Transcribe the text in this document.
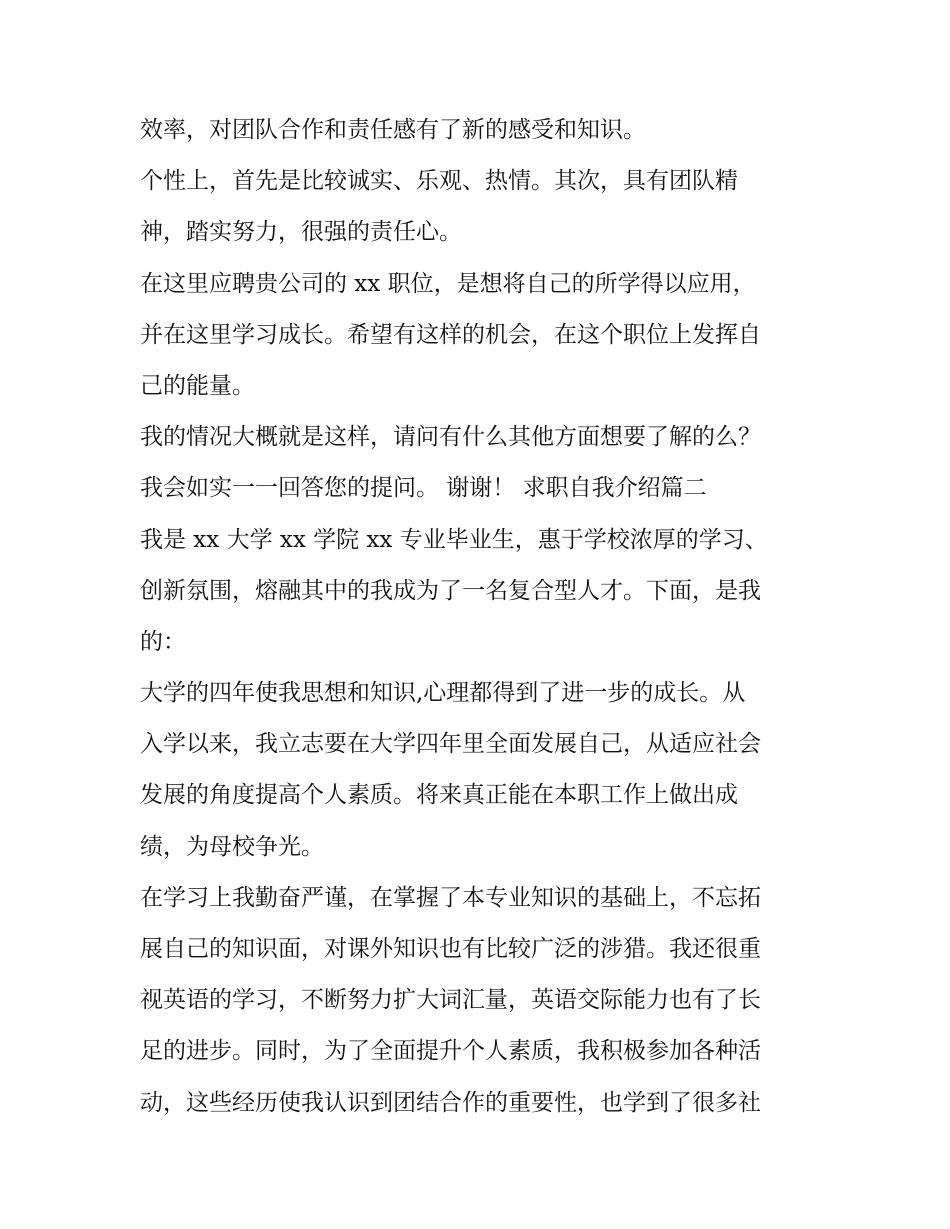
效率，对团队合作和责任感有了新的感受和知识。

个性上，首先是比较诚实、乐观、热情。其次，具有团队精

神，踏实努力，很强的责任心。

在这里应聘贵公司的 xx 职位，是想将自己的所学得以应用，

并在这里学习成长。希望有这样的机会，在这个职位上发挥自

己的能量。

我的情况大概就是这样，请问有什么其他方面想要了解的么？

我会如实一一回答您的提问。 谢谢！ 求职自我介绍篇二

我是 xx 大学 xx 学院 xx 专业毕业生，惠于学校浓厚的学习、

创新氛围，熔融其中的我成为了一名复合型人才。下面，是我

的：

大学的四年使我思想和知识,心理都得到了进一步的成长。从

入学以来，我立志要在大学四年里全面发展自己，从适应社会

发展的角度提高个人素质。将来真正能在本职工作上做出成

绩，为母校争光。

在学习上我勤奋严谨，在掌握了本专业知识的基础上，不忘拓

展自己的知识面，对课外知识也有比较广泛的涉猎。我还很重

视英语的学习，不断努力扩大词汇量，英语交际能力也有了长

足的进步。同时，为了全面提升个人素质，我积极参加各种活

动，这些经历使我认识到团结合作的重要性，也学到了很多社
